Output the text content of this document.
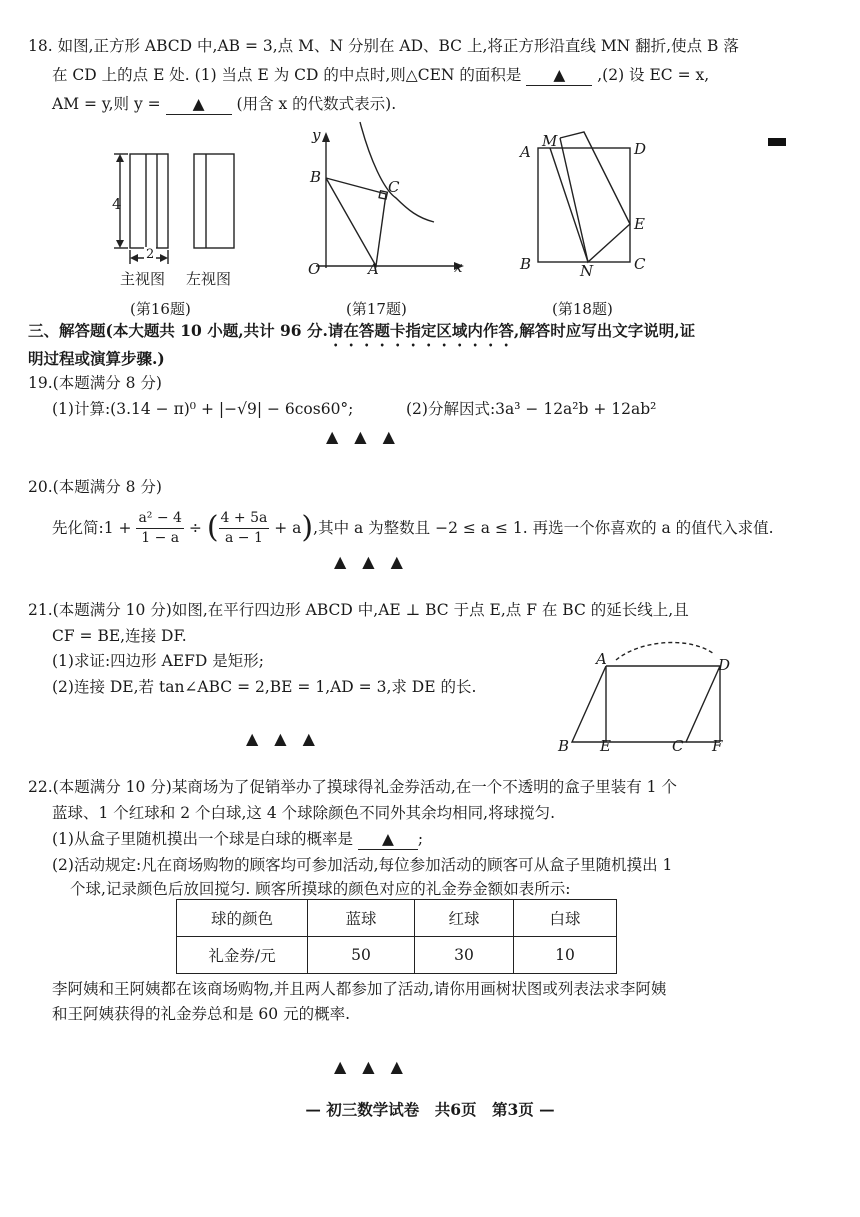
18. 如图,正方形 ABCD 中,AB = 3,点 M、N 分别在 AD、BC 上,将正方形沿直线 MN 翻折,使点 B 落
在 CD 上的点 E 处. (1) 当点 E 为 CD 的中点时,则△CEN 的面积是 ▲ ,(2) 设 EC = x,
AM = y,则 y = ▲ (用含 x 的代数式表示).
4
2
主视图 左视图
(第16题)
y
x
O
B
C
A
(第17题)
A
M	D
E
B	N	C
(第18题)
三、解答题(本大题共 10 小题,共计 96 分.请在答题卡指定区域内作答,解答时应写出文字说明,证
明过程或演算步骤.)
19.(本题满分 8 分)
(1)计算:(3.14 − π)⁰ + |−√9| − 6cos60°;	(2)分解因式:3a³ − 12a²b + 12ab²
▲　▲　▲
20.(本题满分 8 分)
先化简:1 + $\frac{\text{a² − 4}}{1 - a}$ ÷ ( $\frac{4 + 5a}{a - 1} + a$),其中 a 为整数且 −2 ≤ a ≤ 1. 再选一个你喜欢的 a 的值代入求值.
▲　▲　▲
21.(本题满分 10 分)如图,在平行四边形 ABCD 中,AE ⊥ BC 于点 E,点 F 在 BC 的延长线上,且
CF = BE,连接 DF.
(1)求证:四边形 AEFD 是矩形;
(2)连接 DE,若 tan∠ABC = 2,BE = 1,AD = 3,求 DE 的长.
▲　▲　▲
A	D
B E	C F
22.(本题满分 10 分)某商场为了促销举办了摸球得礼金券活动,在一个不透明的盒子里装有 1 个
蓝球、1 个红球和 2 个白球,这 4 个球除颜色不同外其余均相同,将球搅匀.
(1)从盒子里随机摸出一个球是白球的概率是 ▲ ;
(2)活动规定:凡在商场购物的顾客均可参加活动,每位参加活动的顾客可从盒子里随机摸出 1
个球,记录颜色后放回搅匀. 顾客所摸球的颜色对应的礼金券金额如表所示:
球的颜色	蓝球	红球	白球
礼金券/元	50	30	10
李阿姨和王阿姨都在该商场购物,并且两人都参加了活动,请你用画树状图或列表法求李阿姨
和王阿姨获得的礼金券总和是 60 元的概率.
▲　▲　▲
— 初三数学试卷　共6页　第3页 —
